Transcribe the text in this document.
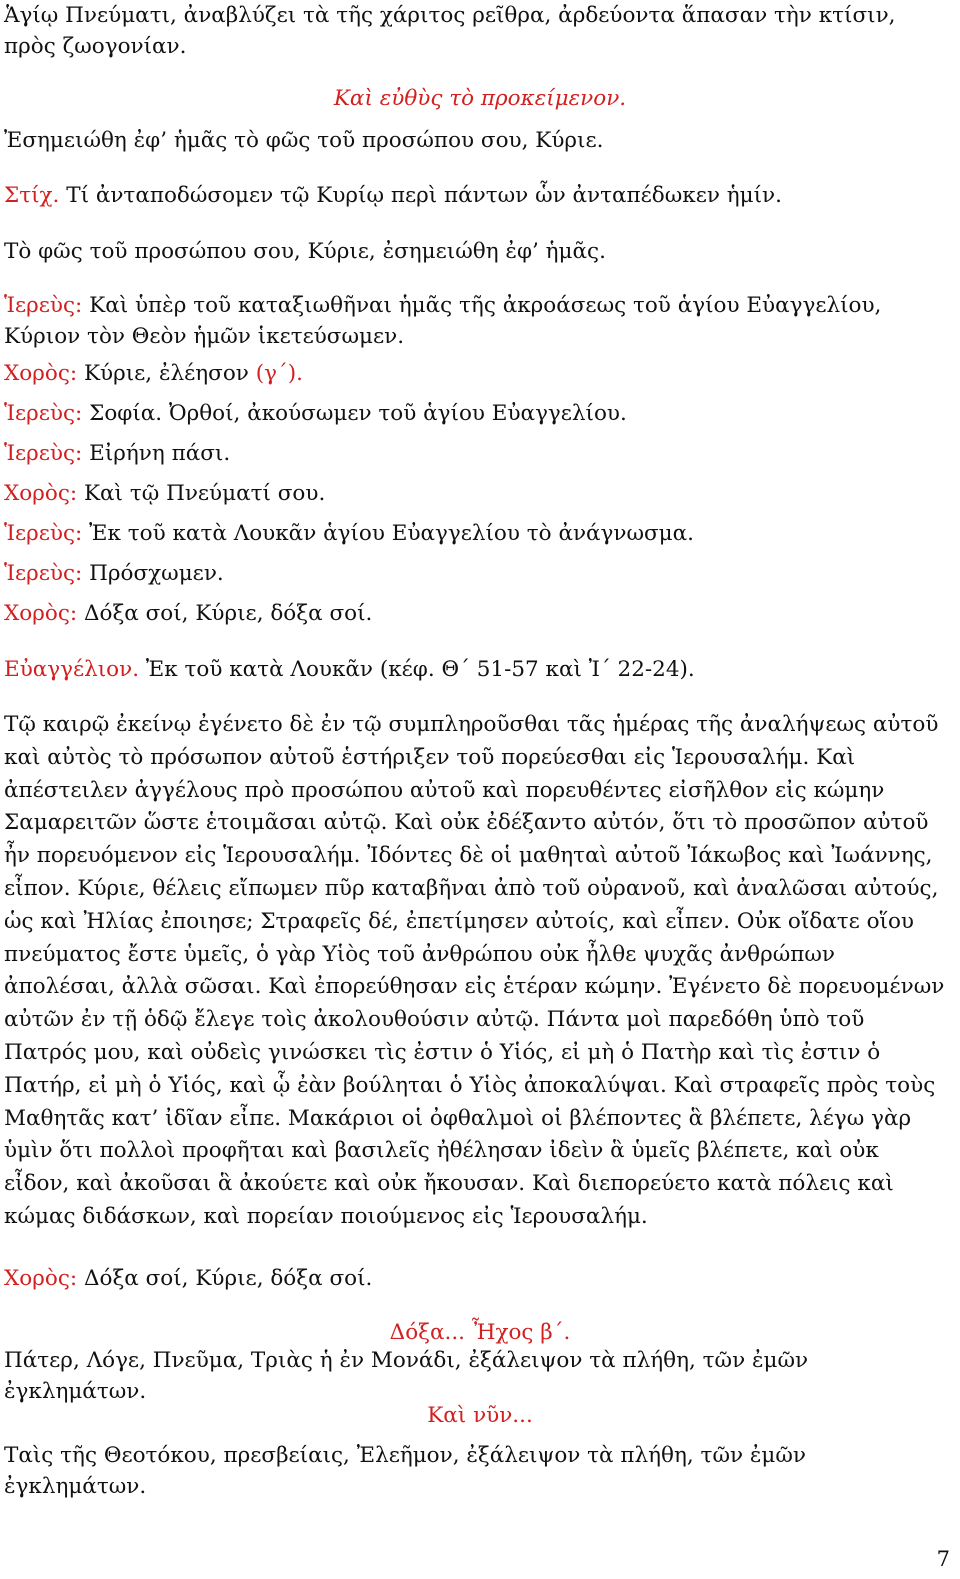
Ἁγίῳ Πνεύματι, ἀναβλύζει τὰ τῆς χάριτος ρεῖθρα, ἀρδεύοντα ἅπασαν τὴν κτίσιν, πρὸς ζωογονίαν.
Καὶ εὐθὺς τὸ προκείμενον.
Ἐσημειώθη ἐφ’ ἡμᾶς τὸ φῶς τοῦ προσώπου σου, Κύριε.
Στίχ. Τί ἀνταποδώσομεν τῷ Κυρίῳ περὶ πάντων ὧν ἀνταπέδωκεν ἡμίν.
Τὸ φῶς τοῦ προσώπου σου, Κύριε, ἐσημειώθη ἐφ’ ἡμᾶς.
Ἱερεὺς: Καὶ ὑπὲρ τοῦ καταξιωθῆναι ἡμᾶς τῆς ἀκροάσεως τοῦ ἁγίου Εὐαγγελίου, Κύριον τὸν Θεὸν ἡμῶν ἱκετεύσωμεν.
Χορὸς: Κύριε, ἐλέησον (γ΄).
Ἱερεὺς: Σοφία. Ὀρθοί, ἀκούσωμεν τοῦ ἁγίου Εὐαγγελίου.
Ἱερεὺς: Εἰρήνη πάσι.
Χορὸς: Καὶ τῷ Πνεύματί σου.
Ἱερεὺς: Ἐκ τοῦ κατὰ Λουκᾶν ἁγίου Εὐαγγελίου τὸ ἀνάγνωσμα.
Ἱερεὺς: Πρόσχωμεν.
Χορὸς: Δόξα σοί, Κύριε, δόξα σοί.
Εὐαγγέλιον. Ἐκ τοῦ κατὰ Λουκᾶν (κέφ. Θ΄ 51-57 καὶ Ἰ΄ 22-24).
Τῷ καιρῷ ἐκείνῳ ἐγένετο δὲ ἐν τῷ συμπληροῦσθαι τᾶς ἡμέρας τῆς ἀναλήψεως αὐτοῦ καὶ αὐτὸς τὸ πρόσωπον αὐτοῦ ἑστήριξεν τοῦ πορεύεσθαι εἰς Ἱερουσαλήμ. Καὶ ἀπέστειλεν ἀγγέλους πρὸ προσώπου αὐτοῦ καὶ πορευθέντες εἰσῆλθον εἰς κώμην Σαμαρειτῶν ὥστε ἑτοιμᾶσαι αὐτῷ. Καὶ οὐκ ἐδέξαντο αὐτόν, ὅτι τὸ προσῶπον αὐτοῦ ἦν πορευόμενον εἰς Ἱερουσαλήμ. Ἰδόντες δὲ οἱ μαθηταὶ αὐτοῦ Ἰάκωβος καὶ Ἰωάννης, εἶπον. Κύριε, θέλεις εἴπωμεν πῦρ καταβῆναι ἀπὸ τοῦ οὐρανοῦ, καὶ ἀναλῶσαι αὐτούς, ὡς καὶ Ἠλίας ἐποιησε; Στραφεῖς δέ, ἐπετίμησεν αὐτοίς, καὶ εἶπεν. Οὐκ οἴδατε οἵου πνεύματος ἔστε ὑμεῖς, ὁ γὰρ Υἱὸς τοῦ ἀνθρώπου οὐκ ἦλθε ψυχᾶς ἀνθρώπων ἀπολέσαι, ἀλλὰ σῶσαι. Καὶ ἐπορεύθησαν εἰς ἑτέραν κώμην. Ἐγένετο δὲ πορευομένων αὐτῶν ἐν τῇ ὁδῷ ἔλεγε τοὶς ἀκολουθούσιν αὐτῷ. Πάντα μοὶ παρεδόθη ὑπὸ τοῦ Πατρός μου, καὶ οὐδεὶς γινώσκει τὶς ἐστιν ὁ Υἱός, εἰ μὴ ὁ Πατὴρ καὶ τὶς ἐστιν ὁ Πατήρ, εἰ μὴ ὁ Υἱός, καὶ ᾧ ἐὰν βούληται ὁ Υἱὸς ἀποκαλύψαι. Καὶ στραφεῖς πρὸς τοὺς Μαθητᾶς κατ’ ἰδῖαν εἶπε. Μακάριοι οἱ ὀφθαλμοὶ οἱ βλέποντες ἃ βλέπετε, λέγω γὰρ ὑμὶν ὅτι πολλοὶ προφῆται καὶ βασιλεῖς ἠθέλησαν ἰδεὶν ἃ ὑμεῖς βλέπετε, καὶ οὐκ εἶδον, καὶ ἀκοῦσαι ἃ ἀκούετε καὶ οὐκ ἤκουσαν. Καὶ διεπορεύετο κατὰ πόλεις καὶ κώμας διδάσκων, καὶ πορείαν ποιούμενος εἰς Ἱερουσαλήμ.
Χορὸς: Δόξα σοί, Κύριε, δόξα σοί.
Δόξα... Ἦχος β΄.
Πάτερ, Λόγε, Πνεῦμα, Τριὰς ἡ ἐν Μονάδι, ἐξάλειψον τὰ πλήθη, τῶν ἐμῶν ἐγκλημάτων.
Καὶ νῦν...
Ταὶς τῆς Θεοτόκου, πρεσβείαις, Ἐλεῆμον, ἐξάλειψον τὰ πλήθη, τῶν ἐμῶν ἐγκλημάτων.
7
